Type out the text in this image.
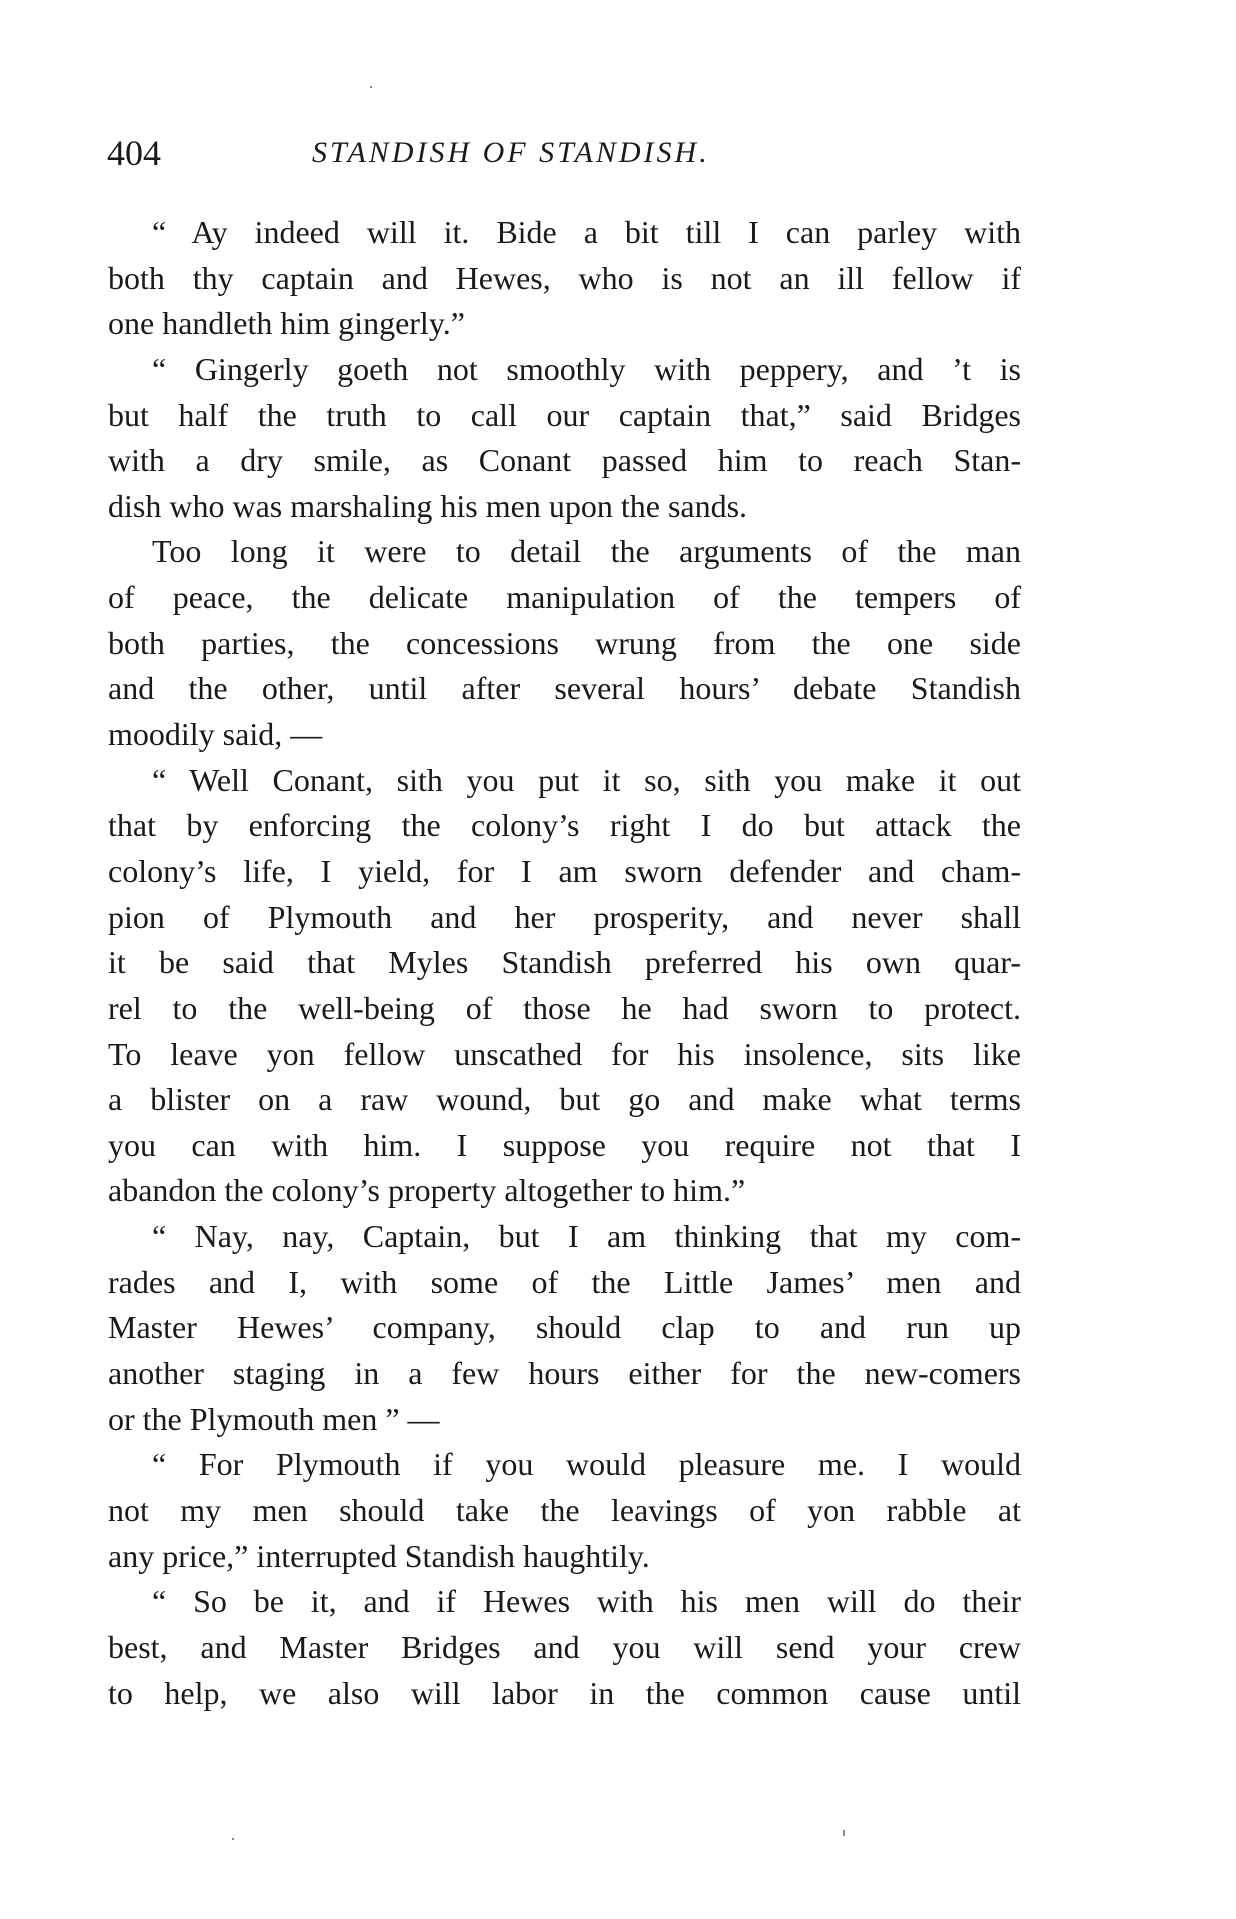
404	STANDISH OF STANDISH.
“ Ay indeed will it. Bide a bit till I can parley with
both thy captain and Hewes, who is not an ill fellow if
one handleth him gingerly.”
“ Gingerly goeth not smoothly with peppery, and ’t is
but half the truth to call our captain that,” said Bridges
with a dry smile, as Conant passed him to reach Stan-
dish who was marshaling his men upon the sands.
Too long it were to detail the arguments of the man
of peace, the delicate manipulation of the tempers of
both parties, the concessions wrung from the one side
and the other, until after several hours’ debate Standish
moodily said, —
“ Well Conant, sith you put it so, sith you make it out
that by enforcing the colony’s right I do but attack the
colony’s life, I yield, for I am sworn defender and cham-
pion of Plymouth and her prosperity, and never shall
it be said that Myles Standish preferred his own quar-
rel to the well-being of those he had sworn to protect.
To leave yon fellow unscathed for his insolence, sits like
a blister on a raw wound, but go and make what terms
you can with him. I suppose you require not that I
abandon the colony’s property altogether to him.”
“ Nay, nay, Captain, but I am thinking that my com-
rades and I, with some of the Little James’ men and
Master Hewes’ company, should clap to and run up
another staging in a few hours either for the new-comers
or the Plymouth men ” —
“ For Plymouth if you would pleasure me. I would
not my men should take the leavings of yon rabble at
any price,” interrupted Standish haughtily.
“ So be it, and if Hewes with his men will do their
best, and Master Bridges and you will send your crew
to help, we also will labor in the common cause until
